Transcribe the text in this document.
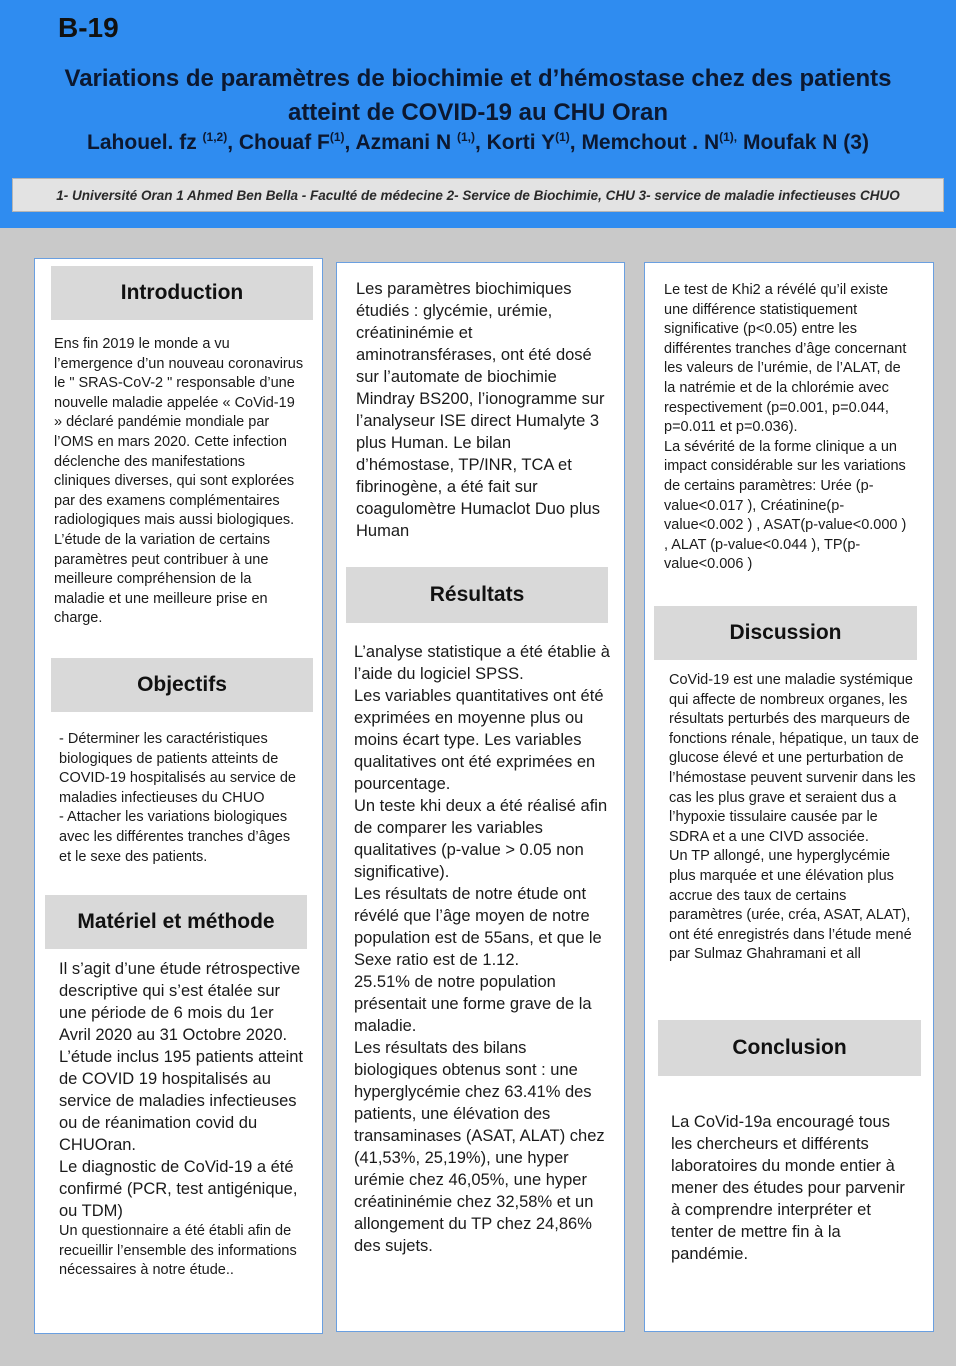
B-19
Variations de paramètres de biochimie et d’hémostase chez des patients
atteint de COVID-19 au CHU Oran
Lahouel. fz $^{(1,2)}$, Chouaf $F^{(1)}$, Azmani N $^{(1,)}$, Korti $Y^{(1)}$, Memchout . $N^{(1),}$ Moufak N (3)
1- Université Oran 1 Ahmed Ben Bella - Faculté de médecine 2- Service de Biochimie, CHU 3- service de maladie infectieuses CHUO
Introduction
Ens fin 2019 le monde a vu l’emergence d’un nouveau coronavirus le " SRAS-CoV-2 " responsable d’une nouvelle maladie appelée « CoVid-19 » déclaré pandémie mondiale par l’OMS en mars 2020. Cette infection déclenche des manifestations cliniques diverses, qui sont explorées par des examens complémentaires radiologiques mais aussi biologiques. L’étude de la variation de certains paramètres peut contribuer à une meilleure compréhension de la maladie et une meilleure prise en charge.
Objectifs

- Déterminer les caractéristiques biologiques de patients atteints de COVID-19 hospitalisés au service de maladies infectieuses du CHUO

- Attacher les variations biologiques avec les différentes tranches d’âges et le sexe des patients.

Matériel et méthode

Il s’agit d’une étude rétrospective descriptive qui s’est étalée sur une période de 6 mois du 1er Avril 2020 au 31 Octobre 2020.

L’étude inclus 195 patients atteint de COVID 19 hospitalisés au service de maladies infectieuses ou de réanimation covid du CHUOran.

Le diagnostic de CoVid-19 a été confirmé (PCR, test antigénique, ou TDM)

Un questionnaire a été établi afin de recueillir l’ensemble des informations nécessaires à notre étude..

Les paramètres biochimiques étudiés : glycémie, urémie, créatininémie et aminotransférases, ont été dosé sur l’automate de biochimie Mindray BS200, l’ionogramme sur l’analyseur ISE direct Humalyte 3 plus Human. Le bilan d’hémostase, TP/INR, TCA et fibrinogène, a été fait sur coagulomètre Humaclot Duo plus Human
Résultats

L’analyse statistique a été établie à l’aide du logiciel SPSS.

Les variables quantitatives ont été exprimées en moyenne plus ou moins écart type. Les variables qualitatives ont été exprimées en pourcentage.

Un teste khi deux a été réalisé afin de comparer les variables qualitatives (p-value > 0.05 non significative).

Les résultats de notre étude ont révélé que l’âge moyen de notre population est de 55ans, et que le Sexe ratio est de 1.12.

25.51% de notre population présentait une forme grave de la maladie.

Les résultats des bilans biologiques obtenus sont : une hyperglycémie chez 63.41% des patients, une élévation des transaminases (ASAT, ALAT) chez (41,53%, 25,19%), une hyper urémie chez 46,05%, une hyper créatininémie chez 32,58% et un allongement du TP chez 24,86% des sujets.

Le test de Khi2 a révélé qu’il existe une différence statistiquement significative (p<0.05) entre les différentes tranches d’âge concernant les valeurs de l’urémie, de l’ALAT, de la natrémie et de la chlorémie avec respectivement (p=0.001, p=0.044, p=0.011 et p=0.036).

La sévérité de la forme clinique a un impact considérable sur les variations de certains paramètres: Urée (p-value<0.017 ), Créatinine(p-value<0.002 ) , ASAT(p-value<0.000 ) , ALAT (p-value<0.044 ), TP(p-value<0.006 )

Discussion

CoVid-19 est une maladie systémique qui affecte de nombreux organes, les résultats perturbés des marqueurs de fonctions rénale, hépatique, un taux de glucose élevé et une perturbation de l’hémostase peuvent survenir dans les cas les plus grave et seraient dus a l’hypoxie tissulaire causée par le SDRA et a une CIVD associée.

Un TP allongé, une hyperglycémie plus marquée et une élévation plus accrue des taux de certains paramètres (urée, créa, ASAT, ALAT), ont été enregistrés dans l’étude mené par Sulmaz Ghahramani et all

Conclusion
La CoVid-19a encouragé tous les chercheurs et différents laboratoires du monde entier à mener des études pour parvenir à comprendre interpréter et tenter de mettre fin à la pandémie.
